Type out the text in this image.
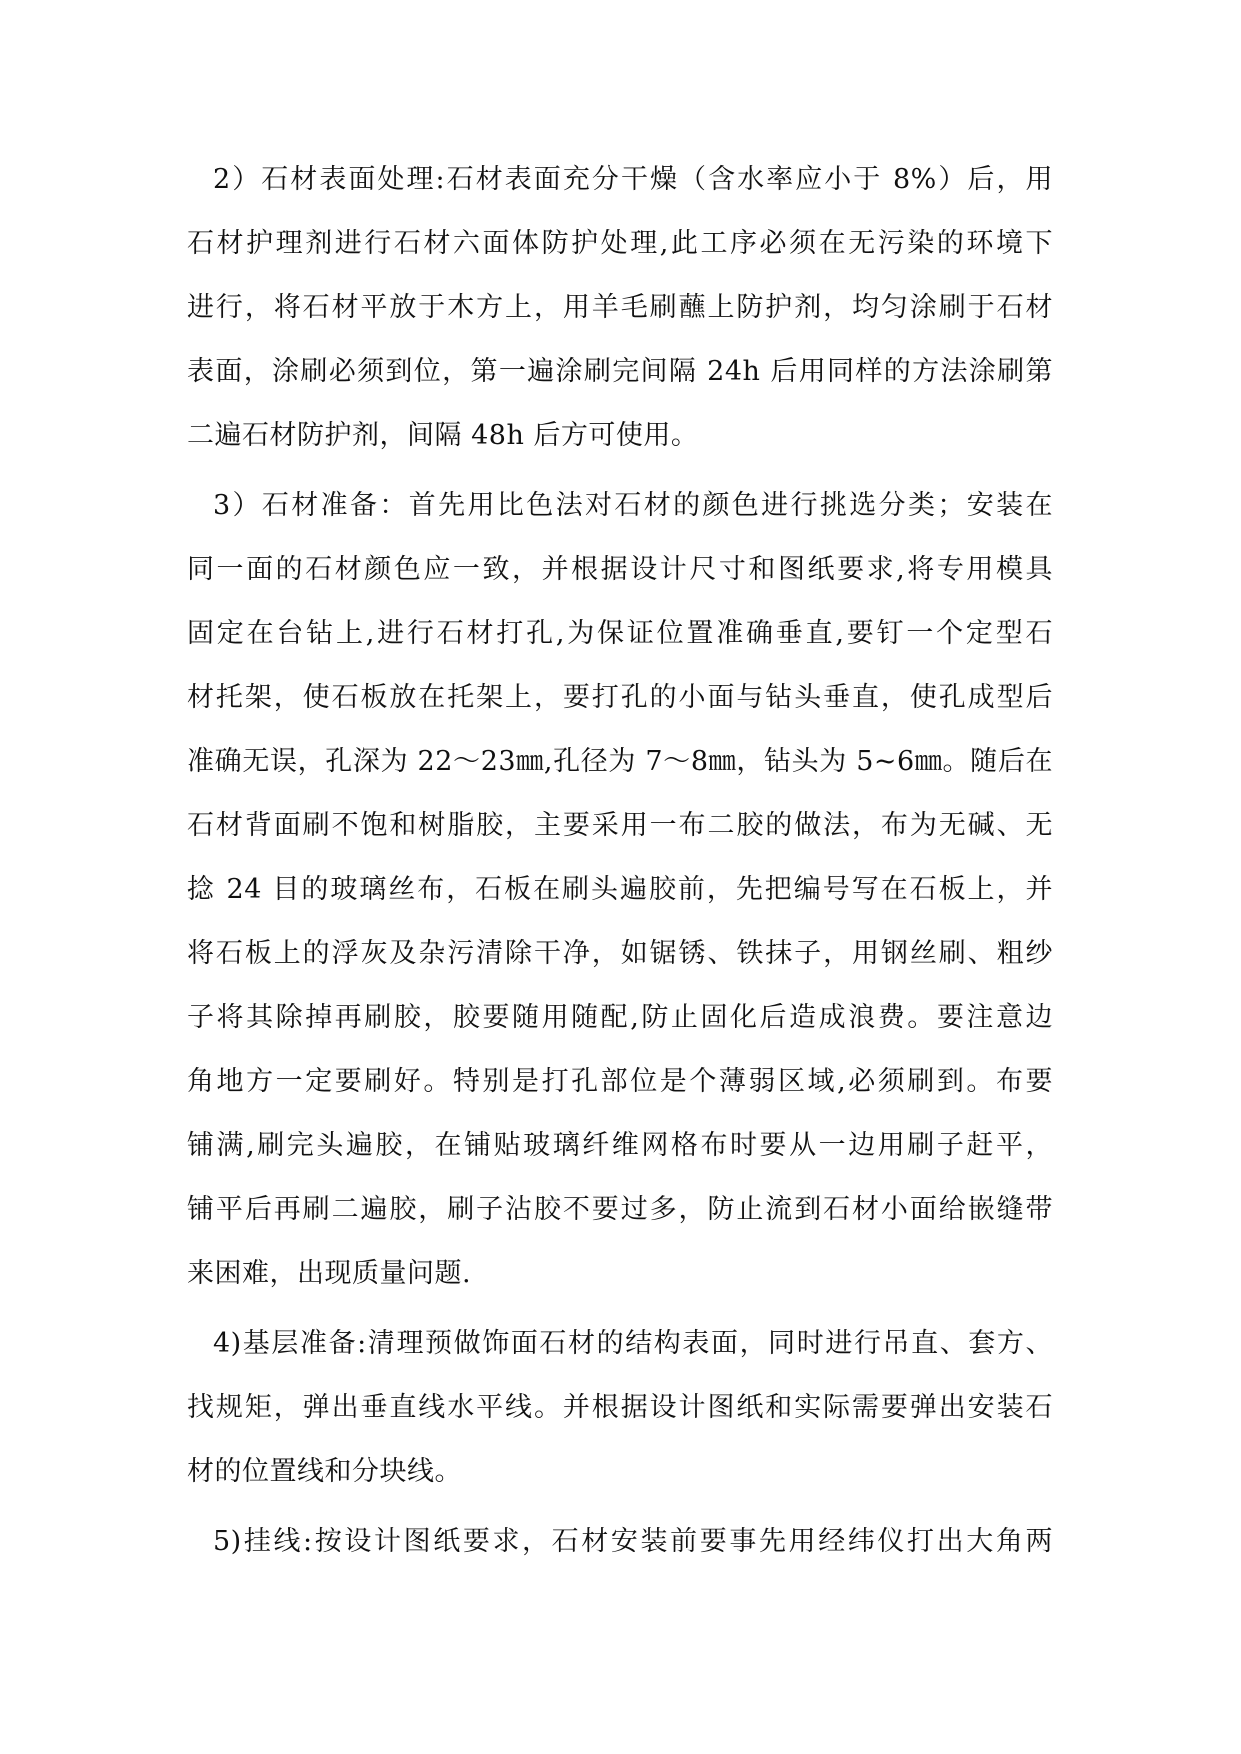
2）石材表面处理:石材表面充分干燥（含水率应小于 8%）后，用
石材护理剂进行石材六面体防护处理,此工序必须在无污染的环境下
进行，将石材平放于木方上，用羊毛刷蘸上防护剂，均匀涂刷于石材
表面，涂刷必须到位，第一遍涂刷完间隔 24h 后用同样的方法涂刷第
二遍石材防护剂，间隔 48h 后方可使用。
3）石材准备：首先用比色法对石材的颜色进行挑选分类；安装在
同一面的石材颜色应一致，并根据设计尺寸和图纸要求,将专用模具
固定在台钻上,进行石材打孔,为保证位置准确垂直,要钉一个定型石
材托架，使石板放在托架上，要打孔的小面与钻头垂直，使孔成型后
准确无误，孔深为 22～23㎜,孔径为 7～8㎜，钻头为 5~6㎜。随后在
石材背面刷不饱和树脂胶，主要采用一布二胶的做法，布为无碱、无
捻 24 目的玻璃丝布，石板在刷头遍胶前，先把编号写在石板上，并
将石板上的浮灰及杂污清除干净，如锯锈、铁抹子，用钢丝刷、粗纱
子将其除掉再刷胶，胶要随用随配,防止固化后造成浪费。要注意边
角地方一定要刷好。特别是打孔部位是个薄弱区域,必须刷到。布要
铺满,刷完头遍胶，在铺贴玻璃纤维网格布时要从一边用刷子赶平，
铺平后再刷二遍胶，刷子沾胶不要过多，防止流到石材小面给嵌缝带
来困难，出现质量问题.
4)基层准备:清理预做饰面石材的结构表面，同时进行吊直、套方、
找规矩，弹出垂直线水平线。并根据设计图纸和实际需要弹出安装石
材的位置线和分块线。
5)挂线:按设计图纸要求，石材安装前要事先用经纬仪打出大角两
